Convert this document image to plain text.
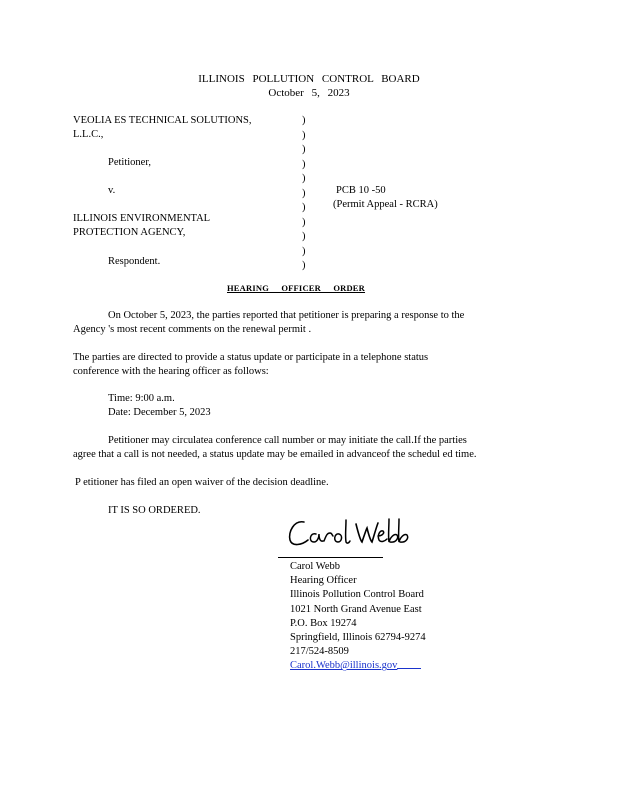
ILLINOIS POLLUTION CONTROL BOARD
October 5, 2023
VEOLIA ES TECHNICAL SOLUTIONS,
L.L.C.,
Petitioner,
v.
ILLINOIS ENVIRONMENTAL
PROTECTION AGENCY,
Respondent.
)
)
)
)
)
)
)
)
)
)
)
PCB 10 -50
(Permit Appeal - RCRA)
HEARING OFFICER ORDER
On October 5, 2023, the parties reported that petitioner is preparing a response to the
Agency 's most recent comments on the renewal permit .
The parties are directed to provide a status update or participate in a telephone status
conference with the hearing officer as follows:
Time: 9:00 a.m.
Date: December 5, 2023
Petitioner may circulatea conference call number or may initiate the call.If the parties
agree that a call is not needed, a status update may be emailed in advanceof the schedul ed time.
P etitioner has filed an open waiver of the decision deadline.
IT IS SO ORDERED.
Carol Webb
Hearing Officer
Illinois Pollution Control Board
1021 North Grand Avenue East
P.O. Box 19274
Springfield, Illinois 62794-9274
217/524-8509
Carol.Webb@illinois.gov
